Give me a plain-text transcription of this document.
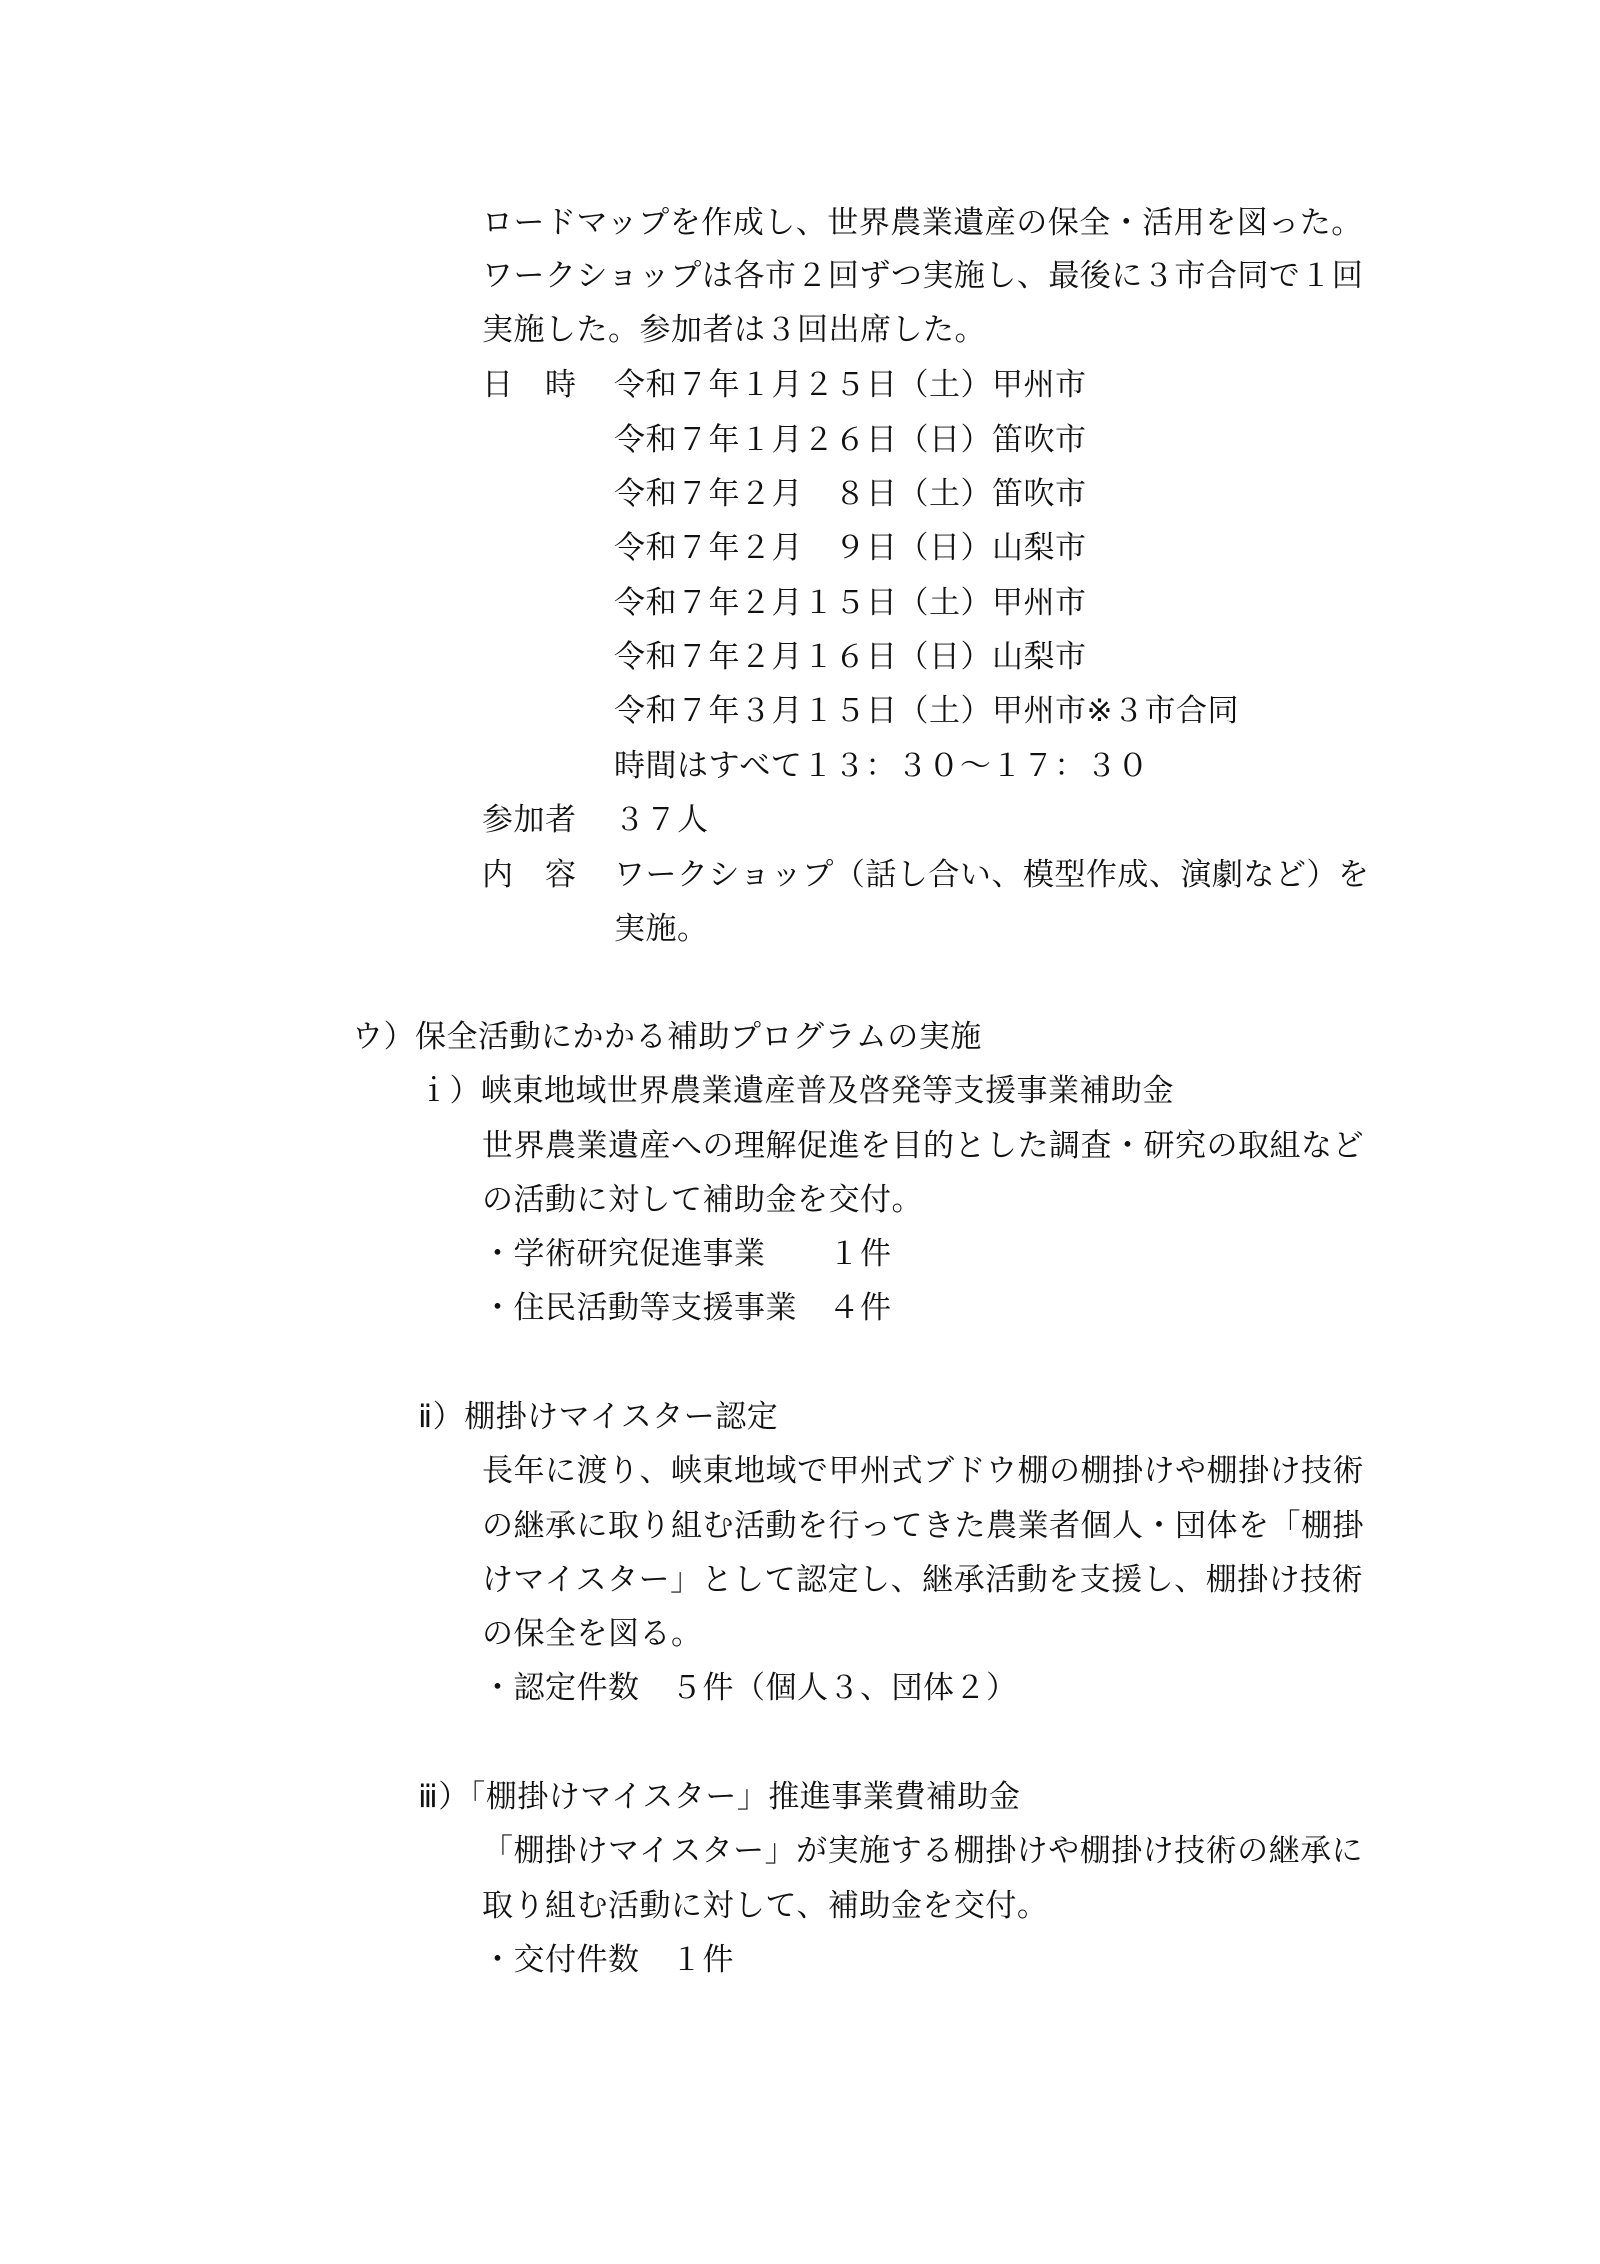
ロードマップを作成し、世界農業遺産の保全・活用を図った。
ワークショップは各市２回ずつ実施し、最後に３市合同で１回
実施した。参加者は３回出席した。
日　時 令和７年１月２５日（土）甲州市
令和７年１月２６日（日）笛吹市
令和７年２月　８日（土）笛吹市
令和７年２月　９日（日）山梨市
令和７年２月１５日（土）甲州市
令和７年２月１６日（日）山梨市
令和７年３月１５日（土）甲州市※３市合同
時間はすべて１３：３０～１７：３０
参加者 ３７人
内　容 ワークショップ（話し合い、模型作成、演劇など）を
実施。
ウ）保全活動にかかる補助プログラムの実施
ｉ）峡東地域世界農業遺産普及啓発等支援事業補助金
世界農業遺産への理解促進を目的とした調査・研究の取組など
の活動に対して補助金を交付。
・学術研究促進事業　　１件
・住民活動等支援事業　４件
ⅱ）棚掛けマイスター認定
長年に渡り、峡東地域で甲州式ブドウ棚の棚掛けや棚掛け技術
の継承に取り組む活動を行ってきた農業者個人・団体を「棚掛
けマイスター」として認定し、継承活動を支援し、棚掛け技術
の保全を図る。
・認定件数　５件（個人３、団体２）
ⅲ）「棚掛けマイスター」推進事業費補助金
「棚掛けマイスター」が実施する棚掛けや棚掛け技術の継承に
取り組む活動に対して、補助金を交付。
・交付件数　１件
